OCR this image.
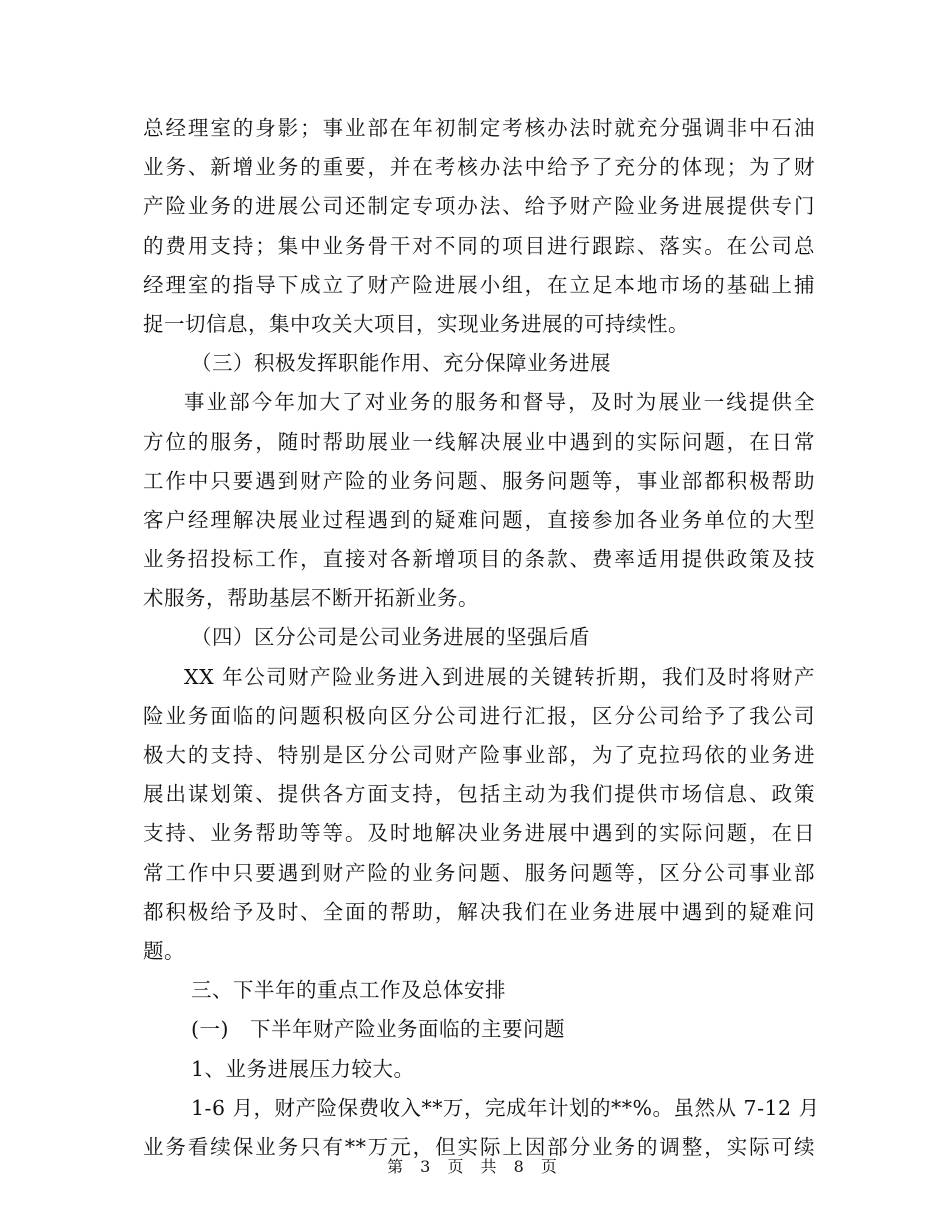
总经理室的身影；事业部在年初制定考核办法时就充分强调非中石油
业务、新增业务的重要，并在考核办法中给予了充分的体现；为了财
产险业务的进展公司还制定专项办法、给予财产险业务进展提供专门
的费用支持；集中业务骨干对不同的项目进行跟踪、落实。在公司总
经理室的指导下成立了财产险进展小组，在立足本地市场的基础上捕
捉一切信息，集中攻关大项目，实现业务进展的可持续性。
（三）积极发挥职能作用、充分保障业务进展
事业部今年加大了对业务的服务和督导，及时为展业一线提供全
方位的服务，随时帮助展业一线解决展业中遇到的实际问题，在日常
工作中只要遇到财产险的业务问题、服务问题等，事业部都积极帮助
客户经理解决展业过程遇到的疑难问题，直接参加各业务单位的大型
业务招投标工作，直接对各新增项目的条款、费率适用提供政策及技
术服务，帮助基层不断开拓新业务。
（四）区分公司是公司业务进展的坚强后盾
XX 年公司财产险业务进入到进展的关键转折期，我们及时将财产
险业务面临的问题积极向区分公司进行汇报，区分公司给予了我公司
极大的支持、特别是区分公司财产险事业部，为了克拉玛依的业务进
展出谋划策、提供各方面支持，包括主动为我们提供市场信息、政策
支持、业务帮助等等。及时地解决业务进展中遇到的实际问题，在日
常工作中只要遇到财产险的业务问题、服务问题等，区分公司事业部
都积极给予及时、全面的帮助，解决我们在业务进展中遇到的疑难问
题。
三、下半年的重点工作及总体安排
(一)　下半年财产险业务面临的主要问题
1、业务进展压力较大。
1-6 月，财产险保费收入**万，完成年计划的**%。虽然从 7-12 月
业务看续保业务只有**万元，但实际上因部分业务的调整，实际可续
第 3 页 共 8 页
